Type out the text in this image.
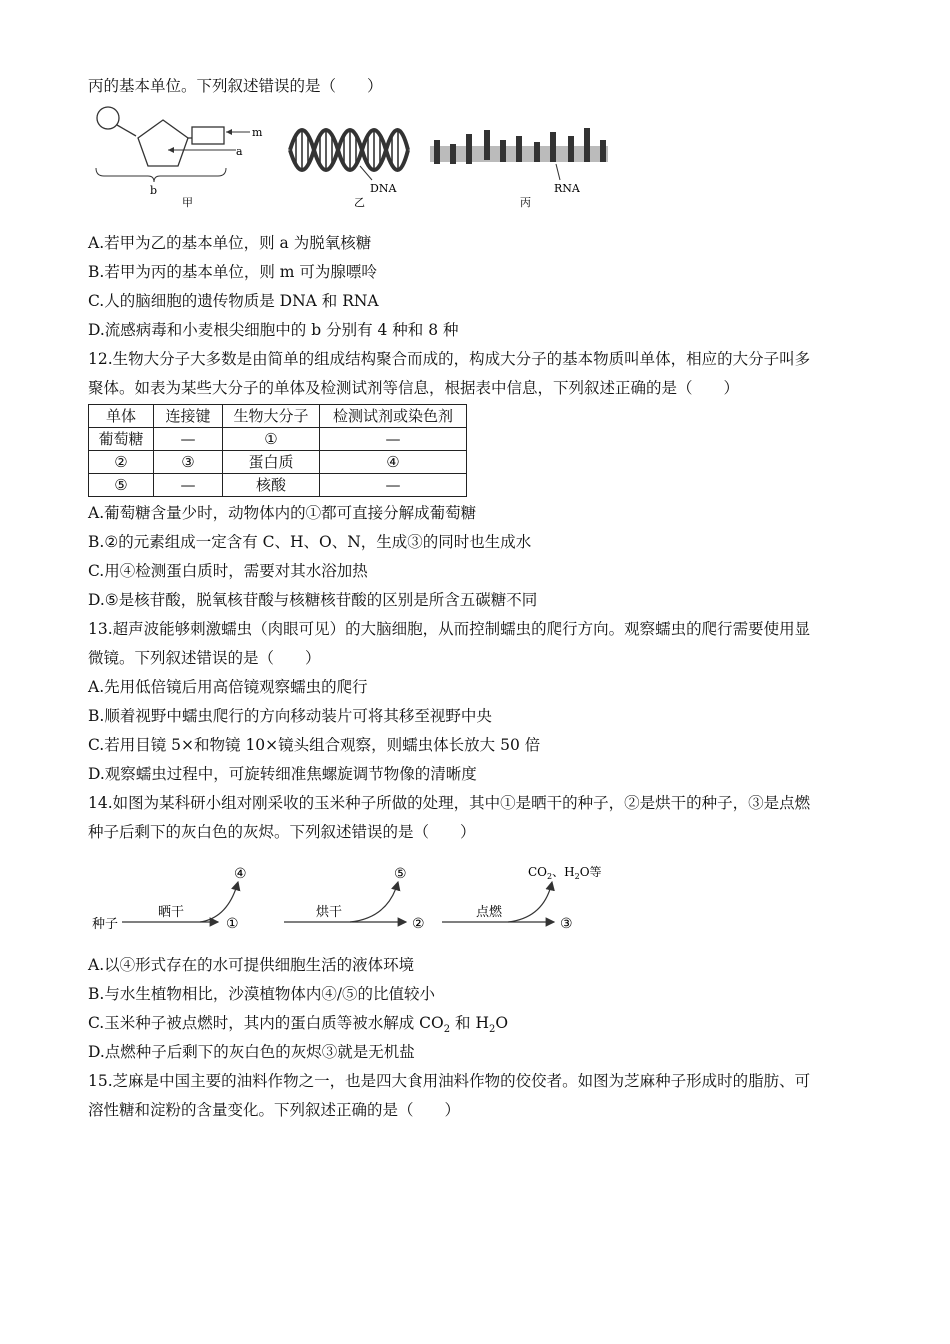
丙的基本单位。下列叙述错误的是（　　）
m
a
b
甲
DNA
乙
RNA
丙
A.若甲为乙的基本单位，则 a 为脱氧核糖
B.若甲为丙的基本单位，则 m 可为腺嘌呤
C.人的脑细胞的遗传物质是 DNA 和 RNA
D.流感病毒和小麦根尖细胞中的 b 分别有 4 种和 8 种
12.生物大分子大多数是由简单的组成结构聚合而成的，构成大分子的基本物质叫单体，相应的大分子叫多
聚体。如表为某些大分子的单体及检测试剂等信息，根据表中信息，下列叙述正确的是（　　）
单体	连接键	生物大分子	检测试剂或染色剂
葡萄糖	—	①	—
②	③	蛋白质	④
⑤	—	核酸	—
A.葡萄糖含量少时，动物体内的①都可直接分解成葡萄糖
B.②的元素组成一定含有 C、H、O、N，生成③的同时也生成水
C.用④检测蛋白质时，需要对其水浴加热
D.⑤是核苷酸，脱氧核苷酸与核糖核苷酸的区别是所含五碳糖不同
13.超声波能够刺激蠕虫（肉眼可见）的大脑细胞，从而控制蠕虫的爬行方向。观察蠕虫的爬行需要使用显
微镜。下列叙述错误的是（　　）
A.先用低倍镜后用高倍镜观察蠕虫的爬行
B.顺着视野中蠕虫爬行的方向移动装片可将其移至视野中央
C.若用目镜 5×和物镜 10×镜头组合观察，则蠕虫体长放大 50 倍
D.观察蠕虫过程中，可旋转细准焦螺旋调节物像的清晰度
14.如图为某科研小组对刚采收的玉米种子所做的处理，其中①是晒干的种子，②是烘干的种子，③是点燃
种子后剩下的灰白色的灰烬。下列叙述错误的是（　　）
种子
晒干
④
①
烘干
⑤
②
点燃
$CO_2$、$H_2O$等
③
A.以④形式存在的水可提供细胞生活的液体环境
B.与水生植物相比，沙漠植物体内④/⑤的比值较小
C.玉米种子被点燃时，其内的蛋白质等被水解成 $CO_2$ 和 $H_2O$
D.点燃种子后剩下的灰白色的灰烬③就是无机盐
15.芝麻是中国主要的油料作物之一，也是四大食用油料作物的佼佼者。如图为芝麻种子形成时的脂肪、可
溶性糖和淀粉的含量变化。下列叙述正确的是（　　）
